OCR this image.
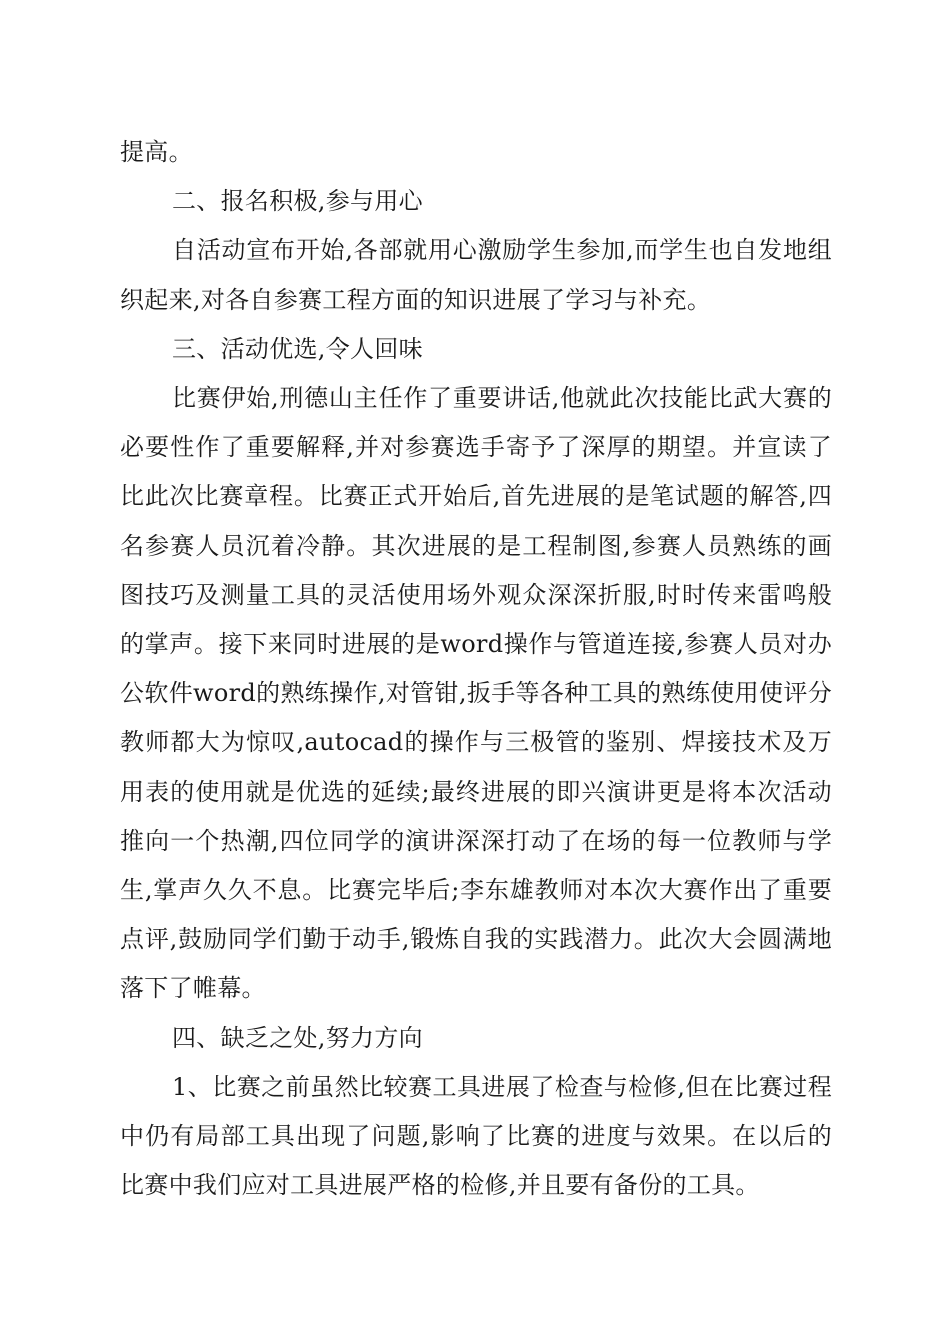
提高。

二、报名积极,参与用心

自活动宣布开始,各部就用心激励学生参加,而学生也自发地组织起来,对各自参赛工程方面的知识进展了学习与补充。

三、活动优选,令人回味

比赛伊始,刑德山主任作了重要讲话,他就此次技能比武大赛的必要性作了重要解释,并对参赛选手寄予了深厚的期望。并宣读了比此次比赛章程。比赛正式开始后,首先进展的是笔试题的解答,四名参赛人员沉着冷静。其次进展的是工程制图,参赛人员熟练的画图技巧及测量工具的灵活使用场外观众深深折服,时时传来雷鸣般的掌声。接下来同时进展的是word操作与管道连接,参赛人员对办公软件word的熟练操作,对管钳,扳手等各种工具的熟练使用使评分教师都大为惊叹,autocad的操作与三极管的鉴别、焊接技术及万用表的使用就是优选的延续;最终进展的即兴演讲更是将本次活动推向一个热潮,四位同学的演讲深深打动了在场的每一位教师与学生,掌声久久不息。比赛完毕后;李东雄教师对本次大赛作出了重要点评,鼓励同学们勤于动手,锻炼自我的实践潜力。此次大会圆满地落下了帷幕。

四、缺乏之处,努力方向

1、比赛之前虽然比较赛工具进展了检查与检修,但在比赛过程中仍有局部工具出现了问题,影响了比赛的进度与效果。在以后的比赛中我们应对工具进展严格的检修,并且要有备份的工具。
